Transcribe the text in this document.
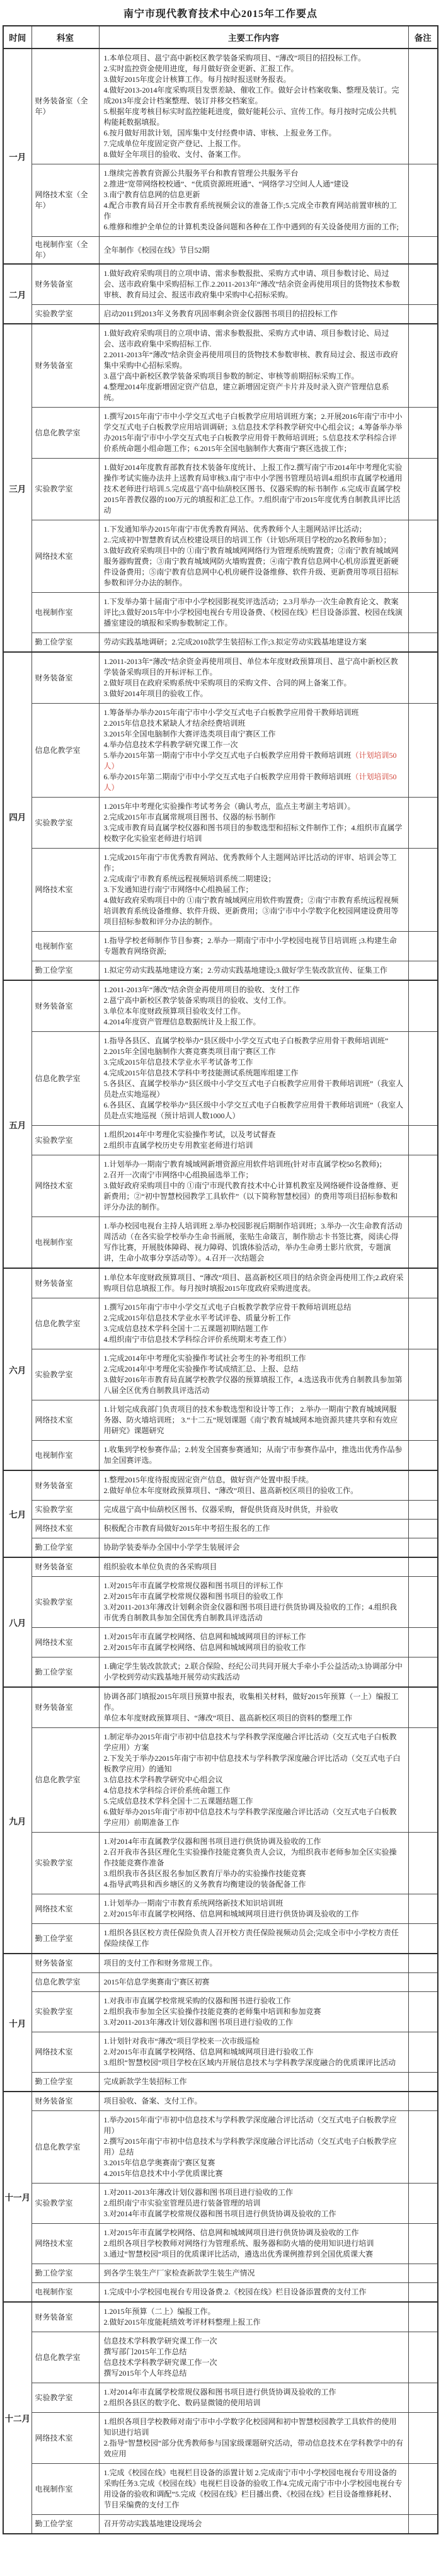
南宁市现代教育技术中心2015年工作要点
时间	科室	主要工作内容	备注
一月	财务装备室（全年）	
1.本单位项目、邕宁高中新校区教学装备采购项目、“薄改”项目的招投标工作。
2.实时监控资金使用进度，每月做好资金更新、汇报工作。
3.做好2015年度会计核算工作。每月按时报送财务报表。
4.做好2013-2014年度采购项目发票差缺、催收工作。做好会计档案收集、整理及装订。完成2013年度会计档案整理、装订并移交档案室。
5.根据年度考核目标实时监控能耗进度，做好能耗公示、宣传工作。每月按时完成公共机构能耗数据填报。
6.按月做好用款计划，国库集中支付经费申请、审核、上报业务工作。
7.完成单位年度固定资产登记、上报工作。
8.做好全年项目的验收、支付、备案工作。

	网络技术室（全年）	1.继续完善教育资源公共服务平台和教育管理公共服务平台
2.推进“宽带网络校校通”、“优质资源班班通”、“网络学习空间人人通”建设
3.南宁教育信息网的信息更新
4.配合市教育局召开全市教育系统视频会议的准备工作;5.完成全市教育网站前置审核的工作
6.维修和维护全单位的计算机类设备问题和各种在工作中遇到的有关设备使用方面的工作;	

	电视制作室（全年）	全年制作《校园在线》节目52期	

二月	财务装备室	1.做好政府采购项目的立项申请、需求参数报批、采购方式申请、项目参数讨论、局过会、送市政府集中采购招标工作.2.2011-2013年“薄改”结余资金再使用项目的货物技术参数审核、教育局过会、报送市政府集中采购中心招标采购。	

	实验教学室	启动2011到2013年义务教育巩固率剩余资金仪器图书项目的招投标工作	

三月	财务装备室	1.做好政府采购项目的立项申请、需求参数报批、采购方式申请、项目参数讨论、局过会、送市政府集中采购招标工作.
2.2011-2013年“薄改”结余资金再使用项目的货物技术参数审核、教育局过会、报送市政府集中采购中心招标采购。
3.邕宁高中新校区教学装备采购项目参数的制定、审核等前期招标采购工作。
4.整理2014年度新增固定资产信息，建立新增固定资产卡片并及时录入资产管理信息系统。	

	信息化教学室	1.撰写2015年南宁市中小学交互式电子白板教学应用培训班方案；2.开展2016年南宁市中小学交互式电子白板教学应用培训调研；3.信息技术学科教学研究中心组会议；4.筹备举办举办2015年南宁市中小学交互式电子白板教学应用骨干教师培训班；5.信息技术学科综合评价系统命题小组命题工作；6.2015年全国电脑制作大赛南宁赛区选拔工作；	

	实验教学室	1.做好2014年度教育部教育技术装备年度统计、上报工作2.撰写南宁市2014年中考理化实验操作考试实施办法并上送教育局审核3.南宁市中小学图书管理员培训4.组织市直属学校通用技术老师进行培训.5.完成邕宁高中仙葫校区图书、仪器采购的标书制作 .6.完成市直属学校2015年普教仪器的100万元的填报和汇总工作。7.组织南宁市2015年度优秀自制教具评比活动	

	网络技术室	1.下发通知举办2015年南宁市优秀教育网站、优秀教师个人主题网站评比活动；
2..完成初中智慧教育试点校建设项目的培训工作（计划5所项目学校的20名教师参加）；
3.做好政府采购项目中的 ①南宁教育城域网网络行为管理系统购置费；②南宁教育城域网服务器购置费；③南宁教育城域网防火墙购置费；④南宁教育信息网中心机房添置更新硬件设备费用；⑤南宁教育信息网中心机房硬件设备维修、软件升级、更新费用等项目招标参数和评分办法的制作。	

	电视制作室	1.下发举办第十届南宁市中小学校园影视奖评选活动；2.3月举办一次生命教育论文、教案评比;3.做好2015年中小学校园电视台专用设备费、《校园在线》栏目设备添置、校园在线演播室建设的填报和采购参数制定工作。	

	勤工俭学室	劳动实践基地调研；2.完成2010款学生装招标工作;3.拟定劳动实践基地建设方案	

四月	财务装备室	1.2011-2013年“薄改”结余资金再使用项目、单位本年度财政预算项目、邕宁高中新校区教学装备采购项目的开标评标工作。
2.做好项目在政府采购系统中采购项目的采购文件、合同的网上备案工作。
3.做好2014年项目的验收工作。	

信息化教学室	
1.筹备举办举办2015年南宁市中小学交互式电子白板教学应用骨干教师培训班
2.2015年信息技术紧缺人才结余经费培训班
3.2015年全国电脑制作大赛评选类项目南宁赛区工作
4.举办信息技术学科教学研究课工作一次
5.举办2015年第一期南宁市中小学交互式电子白板教学应用骨干教师培训班（计划培训50人）
6.举办2015年第二期南宁市中小学交互式电子白板教学应用骨干教师培训班（计划培训50人）

	实验教学室	1.2015年中考理化实验操作考试考务会（确认考点，监点主考副主考培训）。
2.完成2015年市直属常规项目图书、仪器的标书制作
3.完成市教育局直属学校仪器和图书项目的参数选型和招标文件制作工作；4.组织市直属学校数字化实验室老师进行培训	

	网络技术室	1.完成2015年南宁市优秀教育网站、优秀教师个人主题网站评比活动的评审、培训会等工作；
2.完成南宁市教育系统远程视频培训系统二期建设；
3.下发通知进行南宁市网络中心组换届工作；
4.做好政府采购项目中的 ①南宁教育城域网应用软件购置费；②南宁市教育系统远程视频培训教育系统设备维修、软件升级、更新费用；③南宁市中小学数字化校园网建设费用等项目招标参数和评分办法的制作。	

	电视制作室	1.指导学校老师制作节目参赛；2.举办一期南宁市中小学校园电视节目培训班 ;3.构建生命专题教育网络资源;	

	勤工俭学室	1.拟定劳动实践基地建设方案；2.劳动实践基地建设;3.做好学生装改款宣传、征集工作	

五月	财务装备室	1.2011-2013年“薄改”结余资金再使用项目的验收、支付工作
2.邕宁高中新校区教学装备采购项目的验收、支付工作。
3.单位本年度财政预算项目验收支付工作。
4.2014年度资产管理信息数据统计及上报工作。	

信息化教学室	
1.指导各县区、直属学校举办“县区级中小学交互式电子白板教学应用骨干教师培训班”
2.2015年全国电脑制作大赛竞赛类项目南宁赛区工作
3.完成2015年信息技术学业水平考试备考工作
4.完成2015年信息技术学科中考技能测试系统题库组建工作
5.各县区、直属学校举办“县区级中小学交互式电子白板教学应用骨干教师培训班”（我室人员赴点实地巡视）
6.各县区、直属学校举办“县区级中小学交互式电子白板教学应用骨干教师培训班”（我室人员赴点实地巡视（预计培训人数1000人）

	实验教学室	1.组织2014年中考理化实验操作考试，以及考试督查
2.组织市直属学校历史专用教室老师进行培训	

	网络技术室	1.计划举办一期南宁教育城域网新增资源应用软件培训班(针对市直属学校50名教师)；
2.召开一次南宁市网络中心组换届选举工作；
3.做好政府采购项目中的 ①南宁市现代教育技术中心计算机教室及网络硬件设备维修、更新费用；②“初中智慧校园教学工具软件”（以下简称智慧校园）的费用等项目招标参数和评分办法的制作。	

	电视制作室	1.举办校园电视台主持人培训班 2.举办校园影视后期制作培训班；3.举办一次生命教育活动周活动（在各实验学校举办生命书画展，张贴生命箴言，制作励志卡书签比赛，阅读心得写作比赛，开展肢体障碍、视力障碍、饥饿体验活动，举办生命勇士影片欣赏，专题演讲，生命小故事分享活动等）。4.召开一次结题会	

六月	财务装备室	1.单位本年度财政预算项目、“薄改”项目、邕高新校区项目的结余资金再使用工作;2.政府采购项目信息填报工作。每月按时填报2015年度政府采购进度表。	

	信息化教学室	1.撰写2015年南宁市中小学交互式电子白板教学教学应骨干教师培训班总结
2.完成2015年信息技术学业水平考试评卷、质量分析工作
3.完成信息技术学科全国十二五课题初期结题工作
4.组织南宁市信息技术学科综合评价系统期末考查工作）	

	实验教学室	1.完成2014年中考理化实验操作考试社会考生的补考组织工作
2.完成2014年中考理化实验操作考试成绩汇总、上报、总结
3.做好2016年市教育局直属学校教学仪器的预算填报工作，4.选送我市优秀自制教具参加第八届全区优秀自制教具评选活动	

	网络技术室	1.计划完成我部门负责项目的技术参数选型和设计等工作； 2.举办一期南宁教育城域网服务器、防火墙培训班； 3.“十二五”规划课题《南宁教育城域网本地资源共建共享和有效应用研究》课题研究	

	电视制作室	1.收集到学校参赛作品；2.转发全国赛参赛通知；从南宁市参赛作品中，推选出优秀作品参加全国赛评选。	

七月	财务装备室	1.整理2015年度待报废固定资产信息，做好资产处置申报手续。
2.做好单位本年度财政预算项目、“薄改”项目、邕高新校区项目的验收工作。	

	实验教学室	完成邕宁高中仙葫校区图书、仪器采购，督促供货商及时供货，并验收	

	网络技术室	积极配合市教育局做好2015年中考招生报名的工作	

	勤工俭学室	协助学装委举办全国中小学学生装展评会	

八月	财务装备室	组织验收本单位负责的各采购项目	

	实验教学室	1.对2015年市直属学校常规仪器和图书项目的评标工作
2.对2015年市直属学校常规仪器和图书项目的验收工作
3.对2011-2013年薄改计划剩余资金仪器和图书项目进行供货协调及验收的工作；4.组织我市优秀自制教具参加全国优秀自制教具评选活动	

	网络技术室	1.对2015年市直属学校网络、信息网和城域网项目的评标工作
2.对2015年市直属学校网络、信息网和城域网项目的验收工作	

	勤工俭学室	1.确定学生装改款款式；2.联合保险、经纪公司共同开展大手牵小手公益活动;3.协调部分中小学校到劳动实践基地开展劳动实践活动	

九月	财务装备室	协调各部门填报2015年项目预算申报表，收集相关材料，做好2015年预算（一上）编报工作。
单位本年度财政预算项目、“薄改”项目、邕高新校区项目的资料的整理工作	

信息化教学室	
1.制定举办2015年南宁市初中信息技术与学科教学深度融合评比活动（交互式电子白板教学应用）方案
2.下发关于举办22015年南宁市初中信息技术与学科教学深度融合评比活动（交互式电子白板教学应用）的通知
3.信息技术学科教学研究中心组会议
4.信息技术学科综合评价系统命题工作
5.完成信息技术学科全国十二五课题结题工作
6.做好举办2015年南宁市初中信息技术与学科教学深度融合评比活动（交互式电子白板教学应用）前期准备工作

	实验教学室	1.对2014年市直属教学仪器和图书项目进行供货协调及验收的工作
2.召开我市各县区理化生实验操作技能竞赛负责人会议，为组织我市老师参加全区实验操作技能竞赛作准备
3.组织我市各县区报名参加区教育厅举办的实验操作技能竞赛
4.指导武鸣县和西乡塘区的义务教育均衡建设的装备配备工作	

	网络技术室	1.计划举办一期南宁市教育系统网络新技术知识培训班
2.对2015年市直属学校网络、信息网和城域网项目进行供货协调及验收的工作	

	勤工俭学室	1.组织各县区校方责任保险负责人召开校方责任保险视频动员会;完成全市中小学校方责任保险续保工作	

十月	财务装备室	项目的支付工作和财务常规工作。	

	信息化教学室	2015年信息学奥赛南宁赛区初赛	

	实验教学室	1.对我市市直属学校常规采购的仪器和图书进行验收工作
2.组织我市参加全区实验操作技能竞赛的老师集中培训和参加竞赛
3.对2011-2013年薄改计划仪器和图书项目进行验收的工作	

	网络技术室	1.计划针对我市“薄改”项目学校来一次市级巡检
2.对2015年市直属学校网络、信息网和城域网项目进行验收工作
3.组织“智慧校园”项目学校在区域内开展信息技术与学科教学深度融合的优质课评比活动	

	勤工俭学室	完成新款学生装招标工作	

十一月	财务装备室	项目验收、备案、支付工作。	

	信息化教学室	1.举办2015年南宁市初中信息技术与学科教学深度融合评比活动（交互式电子白板教学应用）
2.撰写2015年南宁市初中信息技术与学科教学深度融合评比活动（交互式电子白板教学应用）总结
3.2015年信息学奥赛南宁赛区复赛
4.2015年信息技术中小学优质课比赛	

	实验教学室	1.对2011-2013年薄改计划仪器和图书项目进行验收的工作
2.组织南宁市实验室管理员进行装备管理的培训
3.对2014年市直属学校常规仪器和图书项目进行供货协调及验收的工作	

	网络技术室	1.对2015年市直属学校网络、信息网和城域网项目进行供货协调及验收的工作
2.组织各项目学校教师对网络行为管理系统、服务器和防火墙的使用知识进行培训
3.通过“智慧校园”项目的优质课评比活动，遴选出优秀课例推荐到全国优质课大赛	

	勤工俭学室	到各学生装生产厂家检查新款学生装生产情况	

	电视制作室	1.完成中小学校园电视台专用设备费.2.《校园在线》栏目设备添置费的支付工作	

十二月	财务装备室	1.2015年预算（二上）编报工作。
2.做好2015年度能耗绩效考评材料整理上报工作	

	信息化教学室	信息技术学科教学研究课工作一次
撰写部门2015年工作总结
信息技术学科教学研究课工作一次
撰写2015年个人年终总结	

	实验教学室	1.对2014年市直属学校常规仪器和图书项目进行供货协调及验收的工作
2.组织各县区的数字化、数码显微镜的使用培训	

	网络技术室	1.组织各项目学校教师对南宁市中小学数字化校园网和初中智慧校园教学工具软件的使用知识进行培训
2.指导“智慧校园”部分优秀教师参与国家级课题研究活动，带动信息技术在学科教学中的有效应用	

	电视制作室	1.完成《校园在线》电视栏目设备的添置计划 2.完成南宁市中小学校园电视台专用设备的采购任务3.完成《校园在线》电视栏目设备的验收工作4.完成元南宁市中小学校园电视台专用设备的验收和调配”5.完成《校园在线》栏目播出费、《校园在线》栏目设备维修耗材、节目采编费的支付工作	

	勤工俭学室	召开劳动实践基地建设现场会	
